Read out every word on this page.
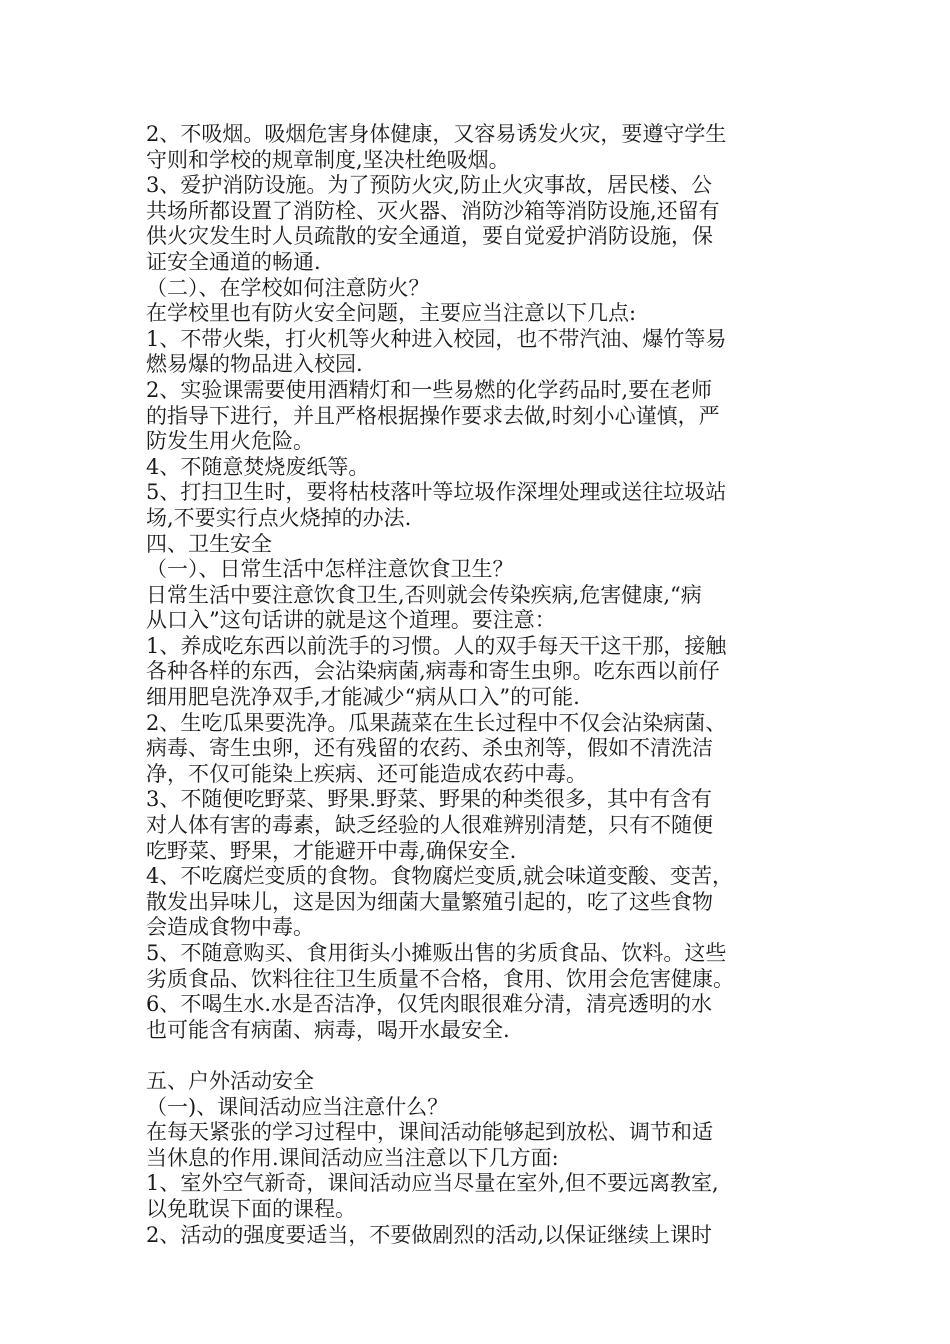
2、不吸烟。吸烟危害身体健康，又容易诱发火灾，要遵守学生
守则和学校的规章制度,坚决杜绝吸烟。

3、爱护消防设施。为了预防火灾,防止火灾事故，居民楼、公
共场所都设置了消防栓、灭火器、消防沙箱等消防设施,还留有
供火灾发生时人员疏散的安全通道，要自觉爱护消防设施，保
证安全通道的畅通.

（二）、在学校如何注意防火？

在学校里也有防火安全问题，主要应当注意以下几点:

1、不带火柴，打火机等火种进入校园，也不带汽油、爆竹等易
燃易爆的物品进入校园.

2、实验课需要使用酒精灯和一些易燃的化学药品时,要在老师
的指导下进行，并且严格根据操作要求去做,时刻小心谨慎，严
防发生用火危险。

4、不随意焚烧废纸等。

5、打扫卫生时，要将枯枝落叶等垃圾作深埋处理或送往垃圾站
场,不要实行点火烧掉的办法.

四、卫生安全

（一）、日常生活中怎样注意饮食卫生？

日常生活中要注意饮食卫生,否则就会传染疾病,危害健康,“病
从口入”这句话讲的就是这个道理。要注意：

1、养成吃东西以前洗手的习惯。人的双手每天干这干那，接触
各种各样的东西，会沾染病菌,病毒和寄生虫卵。吃东西以前仔
细用肥皂洗净双手,才能减少“病从口入”的可能.

2、生吃瓜果要洗净。瓜果蔬菜在生长过程中不仅会沾染病菌、
病毒、寄生虫卵，还有残留的农药、杀虫剂等，假如不清洗洁
净，不仅可能染上疾病、还可能造成农药中毒。

3、不随便吃野菜、野果.野菜、野果的种类很多，其中有含有
对人体有害的毒素，缺乏经验的人很难辨别清楚，只有不随便
吃野菜、野果，才能避开中毒,确保安全.

4、不吃腐烂变质的食物。食物腐烂变质,就会味道变酸、变苦，
散发出异味儿，这是因为细菌大量繁殖引起的，吃了这些食物
会造成食物中毒。

5、不随意购买、食用街头小摊贩出售的劣质食品、饮料。这些
劣质食品、饮料往往卫生质量不合格，食用、饮用会危害健康。

6、不喝生水.水是否洁净，仅凭肉眼很难分清，清亮透明的水
也可能含有病菌、病毒，喝开水最安全.

五、户外活动安全

（一)、课间活动应当注意什么？

在每天紧张的学习过程中，课间活动能够起到放松、调节和适
当休息的作用.课间活动应当注意以下几方面:

1、室外空气新奇，课间活动应当尽量在室外,但不要远离教室,
以免耽误下面的课程。

2、活动的强度要适当，不要做剧烈的活动,以保证继续上课时
